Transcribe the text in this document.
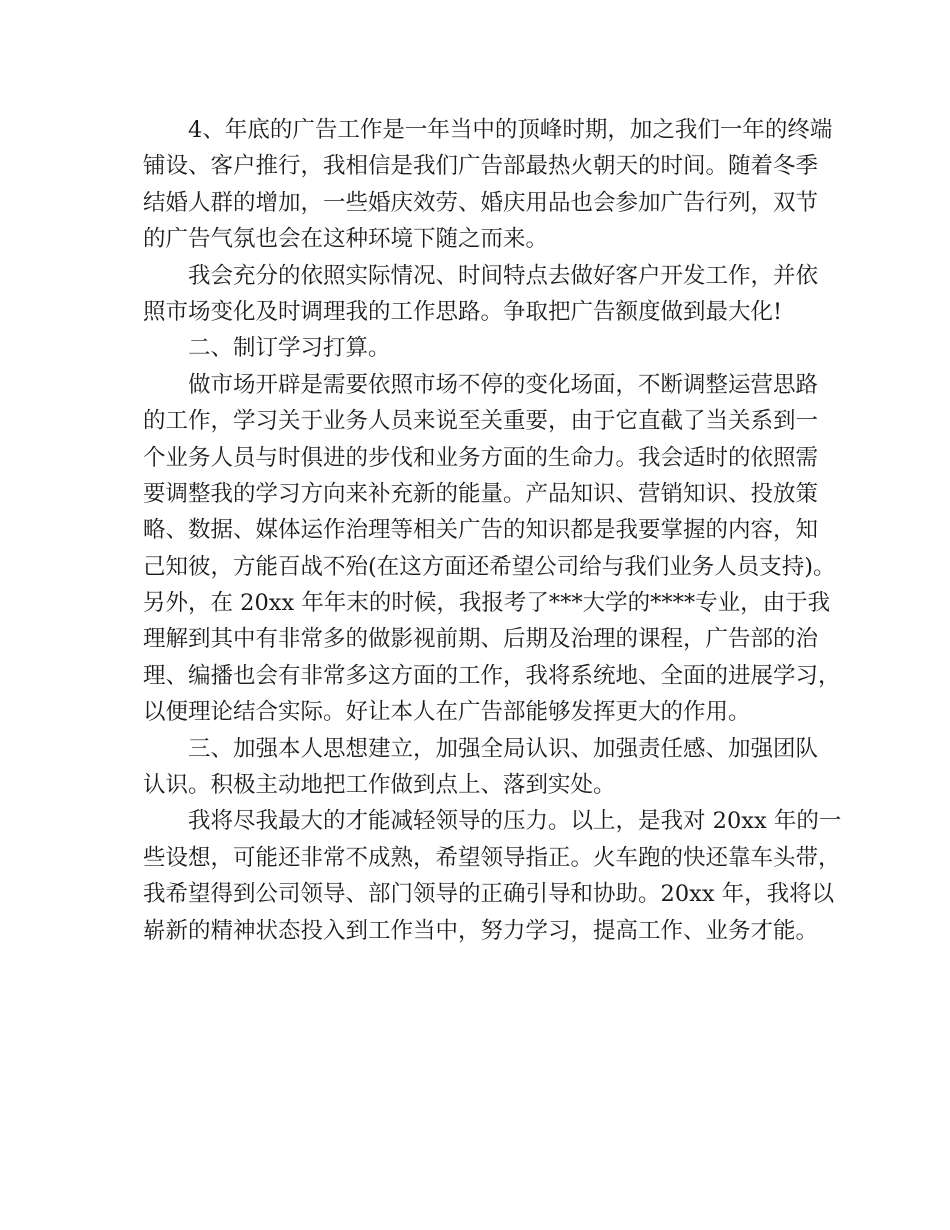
4、年底的广告工作是一年当中的顶峰时期，加之我们一年的终端
铺设、客户推行，我相信是我们广告部最热火朝天的时间。随着冬季
结婚人群的增加，一些婚庆效劳、婚庆用品也会参加广告行列，双节
的广告气氛也会在这种环境下随之而来。
我会充分的依照实际情况、时间特点去做好客户开发工作，并依
照市场变化及时调理我的工作思路。争取把广告额度做到最大化!
二、制订学习打算。
做市场开辟是需要依照市场不停的变化场面，不断调整运营思路
的工作，学习关于业务人员来说至关重要，由于它直截了当关系到一
个业务人员与时俱进的步伐和业务方面的生命力。我会适时的依照需
要调整我的学习方向来补充新的能量。产品知识、营销知识、投放策
略、数据、媒体运作治理等相关广告的知识都是我要掌握的内容，知
己知彼，方能百战不殆(在这方面还希望公司给与我们业务人员支持)。
另外，在 20xx 年年末的时候，我报考了***大学的****专业，由于我
理解到其中有非常多的做影视前期、后期及治理的课程，广告部的治
理、编播也会有非常多这方面的工作，我将系统地、全面的进展学习，
以便理论结合实际。好让本人在广告部能够发挥更大的作用。
三、加强本人思想建立，加强全局认识、加强责任感、加强团队
认识。积极主动地把工作做到点上、落到实处。
我将尽我最大的才能减轻领导的压力。以上，是我对 20xx 年的一
些设想，可能还非常不成熟，希望领导指正。火车跑的快还靠车头带，
我希望得到公司领导、部门领导的正确引导和协助。20xx 年，我将以
崭新的精神状态投入到工作当中，努力学习，提高工作、业务才能。
